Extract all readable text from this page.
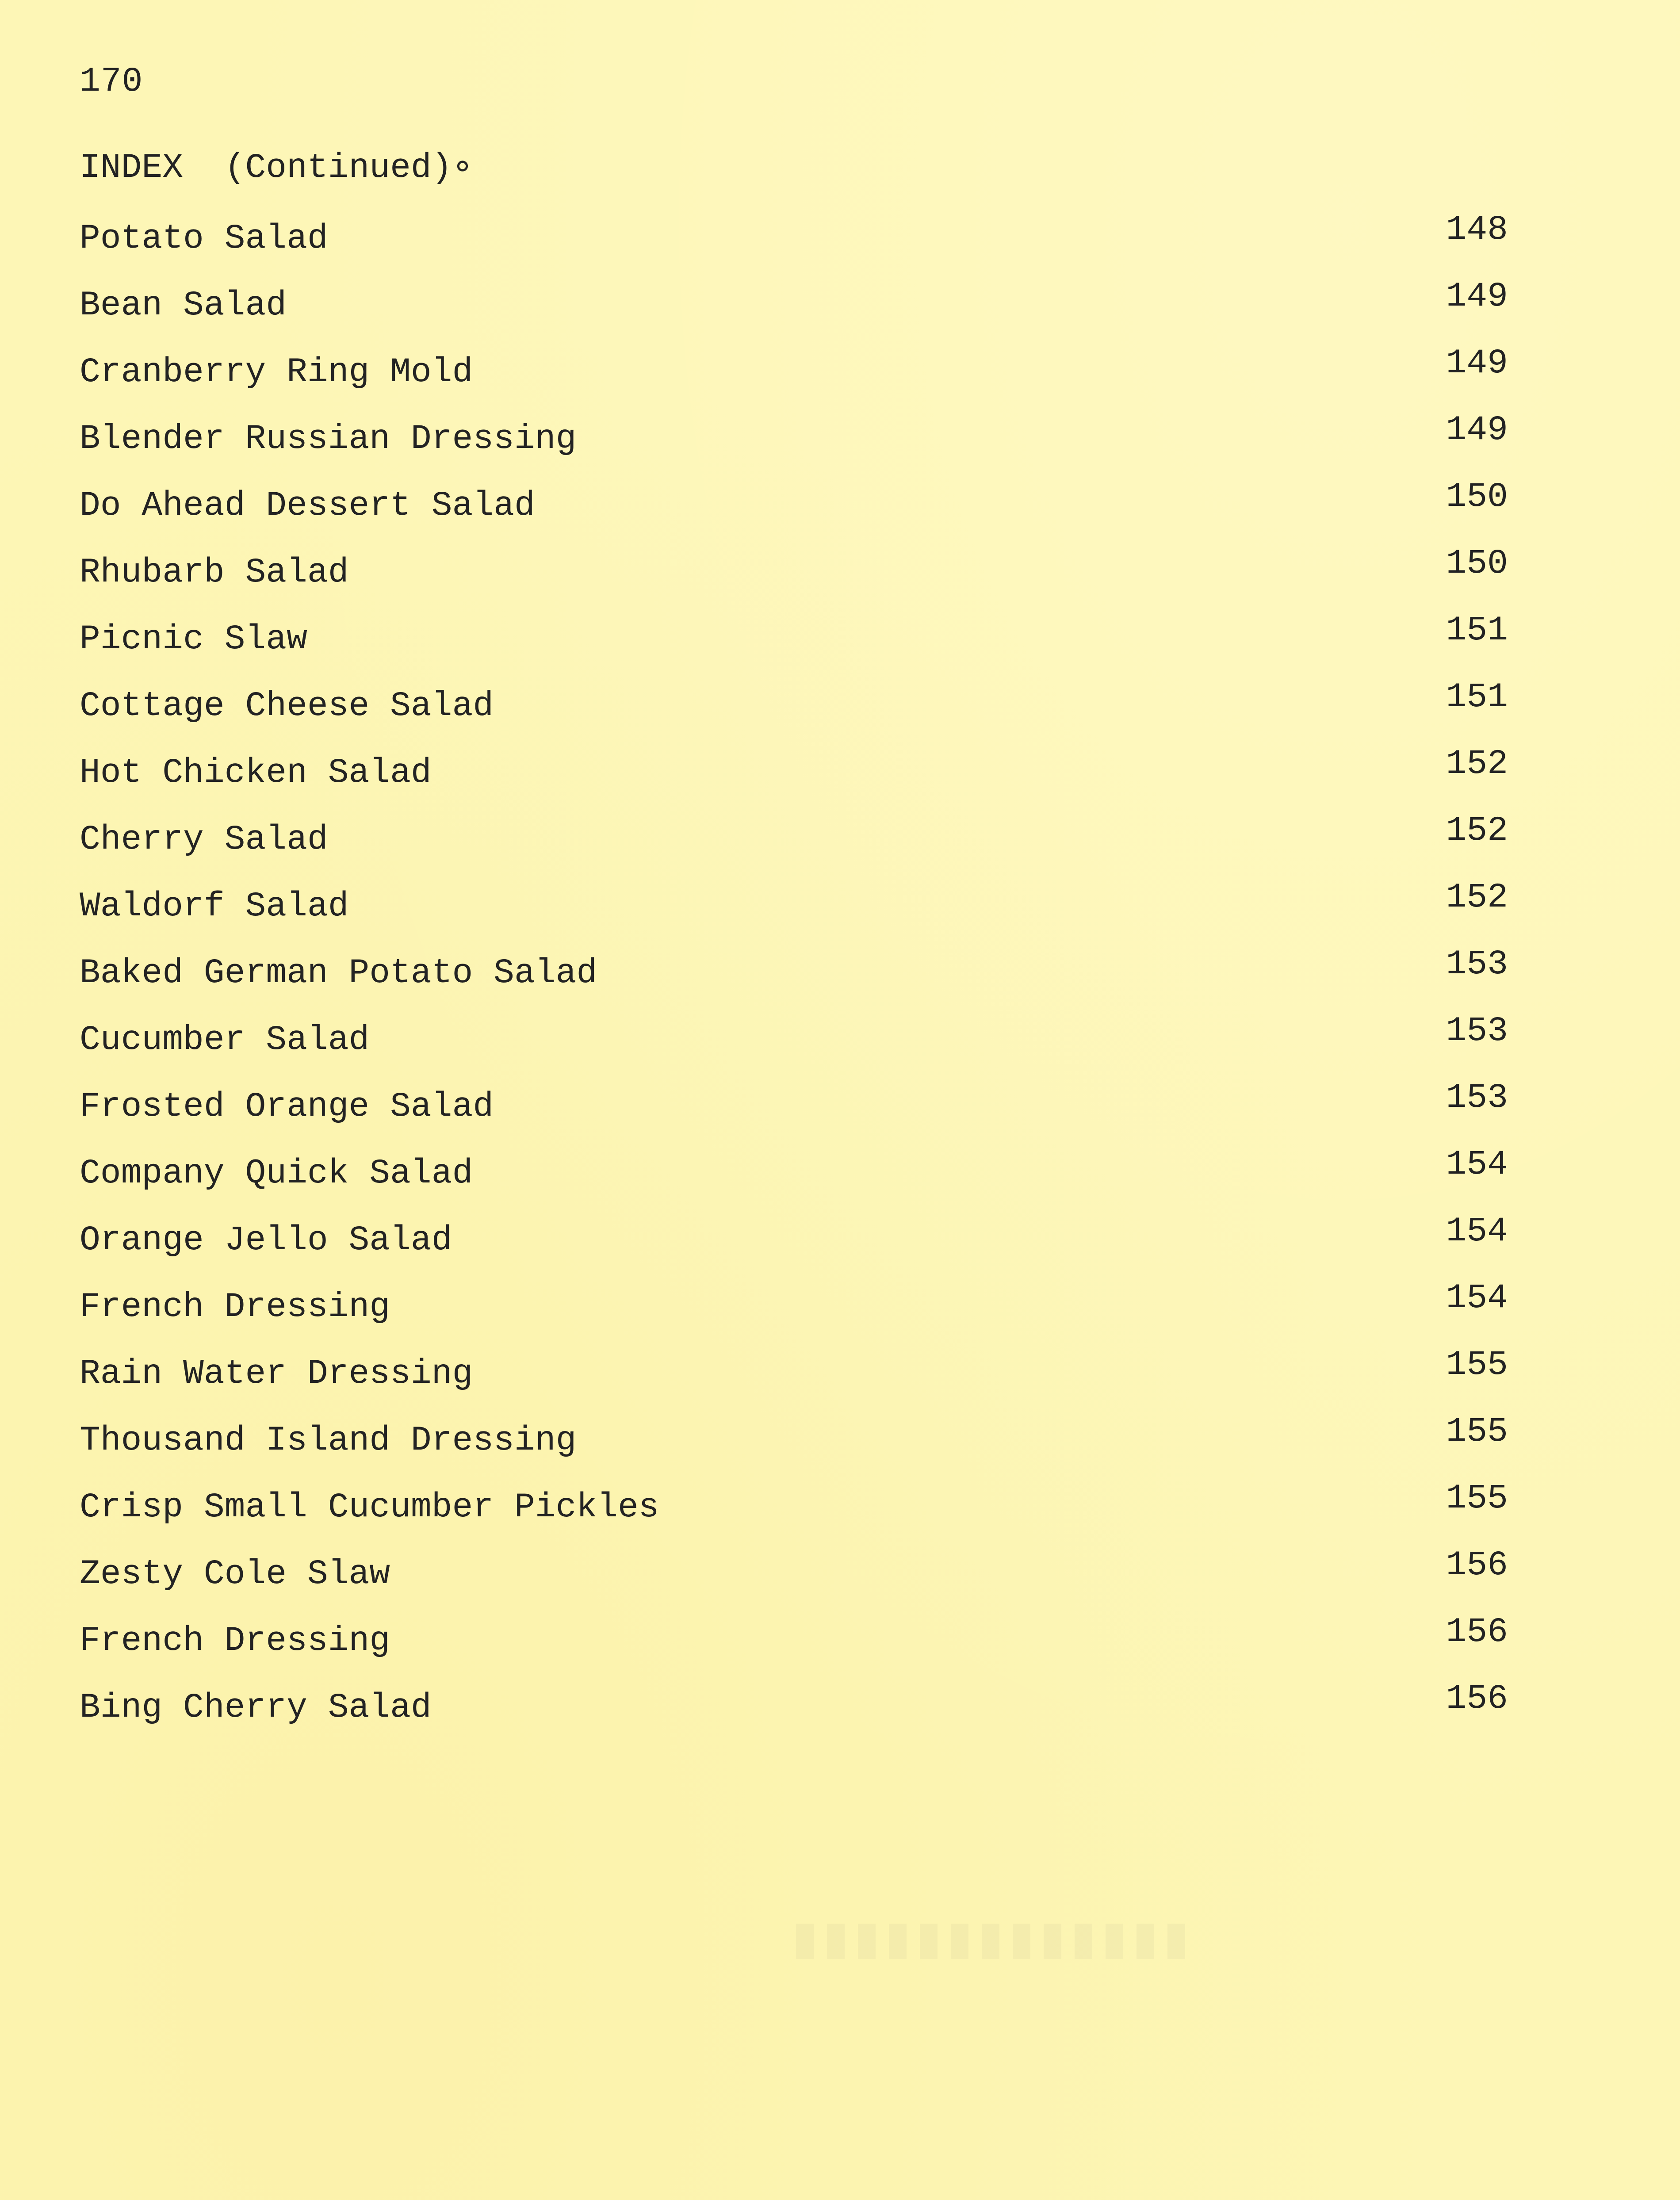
170
INDEX  (Continued)∘
Potato Salad	148
Bean Salad	149
Cranberry Ring Mold	149
Blender Russian Dressing	149
Do Ahead Dessert Salad	150
Rhubarb Salad	150
Picnic Slaw	151
Cottage Cheese Salad	151
Hot Chicken Salad	152
Cherry Salad	152
Waldorf Salad	152
Baked German Potato Salad	153
Cucumber Salad	153
Frosted Orange Salad	153
Company Quick Salad	154
Orange Jello Salad	154
French Dressing	154
Rain Water Dressing	155
Thousand Island Dressing	155
Crisp Small Cucumber Pickles	155
Zesty Cole Slaw	156
French Dressing	156
Bing Cherry Salad	156
